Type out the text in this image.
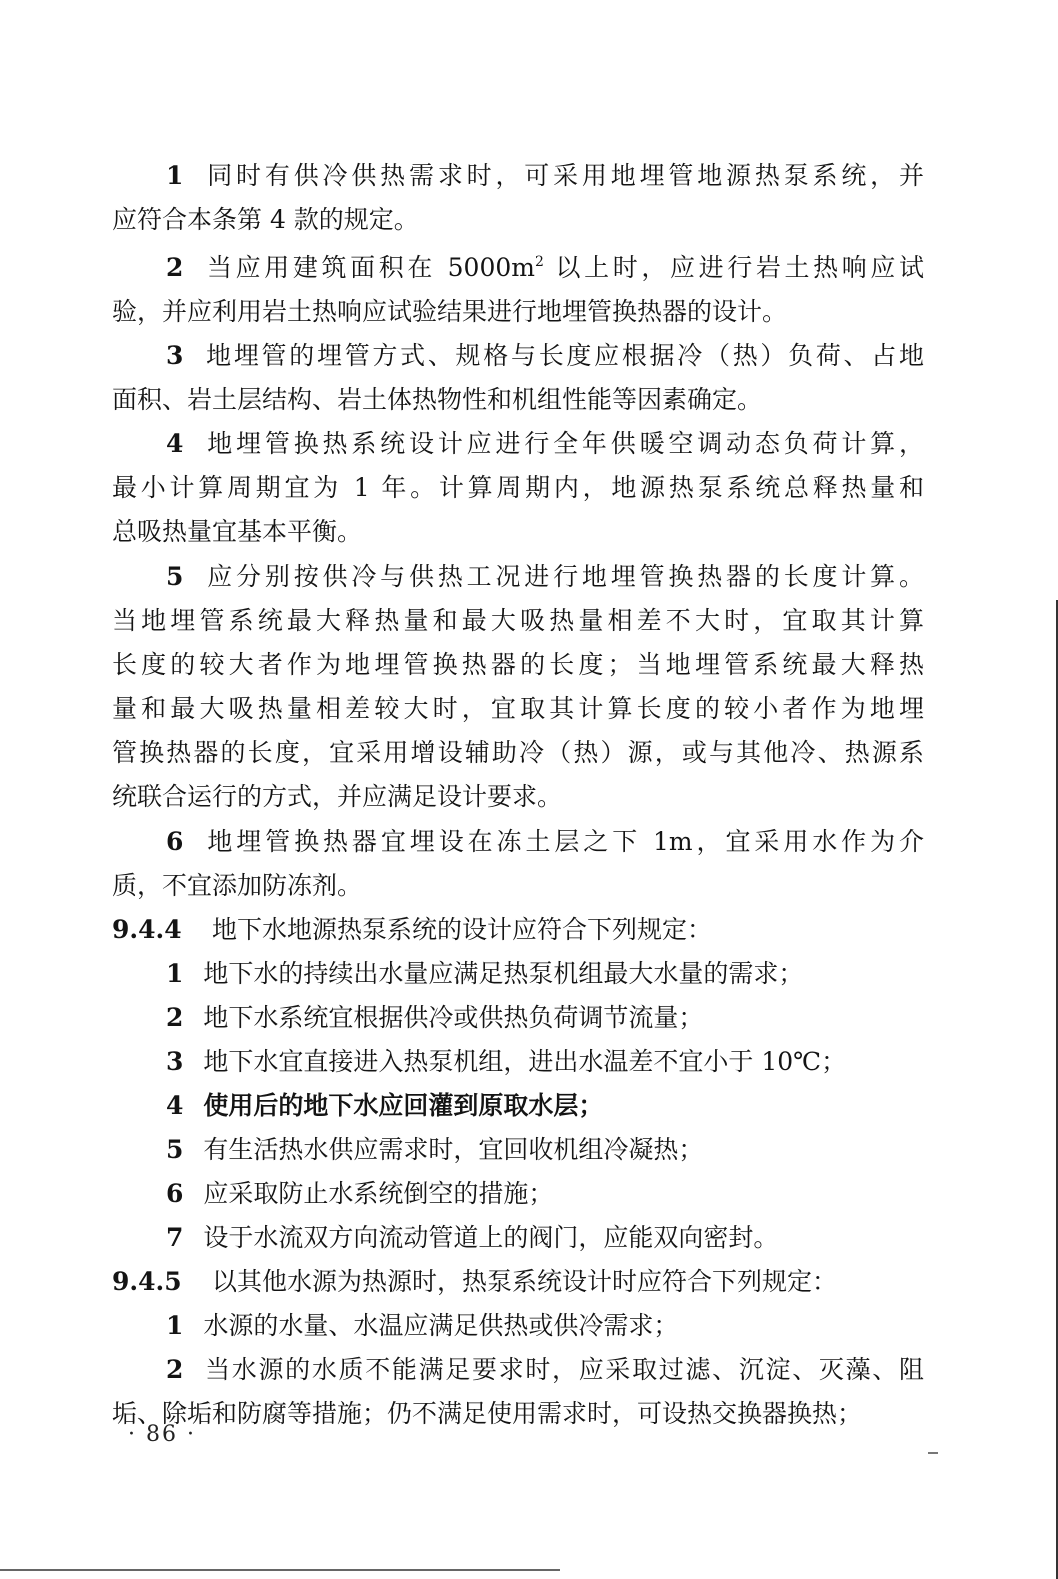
1 同时有供冷供热需求时，可采用地埋管地源热泵系统，并
应符合本条第 4 款的规定。
2 当应用建筑面积在 $5000m^2$ 以上时，应进行岩土热响应试
验，并应利用岩土热响应试验结果进行地埋管换热器的设计。
3 地埋管的埋管方式、规格与长度应根据冷（热）负荷、占地
面积、岩土层结构、岩土体热物性和机组性能等因素确定。
4 地埋管换热系统设计应进行全年供暖空调动态负荷计算，
最小计算周期宜为 1 年。计算周期内，地源热泵系统总释热量和
总吸热量宜基本平衡。
5 应分别按供冷与供热工况进行地埋管换热器的长度计算。
当地埋管系统最大释热量和最大吸热量相差不大时，宜取其计算
长度的较大者作为地埋管换热器的长度；当地埋管系统最大释热
量和最大吸热量相差较大时，宜取其计算长度的较小者作为地埋
管换热器的长度，宜采用增设辅助冷（热）源，或与其他冷、热源系
统联合运行的方式，并应满足设计要求。
6 地埋管换热器宜埋设在冻土层之下 1m，宜采用水作为介
质，不宜添加防冻剂。
9.4.4 地下水地源热泵系统的设计应符合下列规定：
1 地下水的持续出水量应满足热泵机组最大水量的需求；
2 地下水系统宜根据供冷或供热负荷调节流量；
3 地下水宜直接进入热泵机组，进出水温差不宜小于 10℃；
4 使用后的地下水应回灌到原取水层；
5 有生活热水供应需求时，宜回收机组冷凝热；
6 应采取防止水系统倒空的措施；
7 设于水流双方向流动管道上的阀门，应能双向密封。
9.4.5 以其他水源为热源时，热泵系统设计时应符合下列规定：
1 水源的水量、水温应满足供热或供冷需求；
2 当水源的水质不能满足要求时，应采取过滤、沉淀、灭藻、阻
垢、除垢和防腐等措施；仍不满足使用需求时，可设热交换器换热；
· 86 ·
